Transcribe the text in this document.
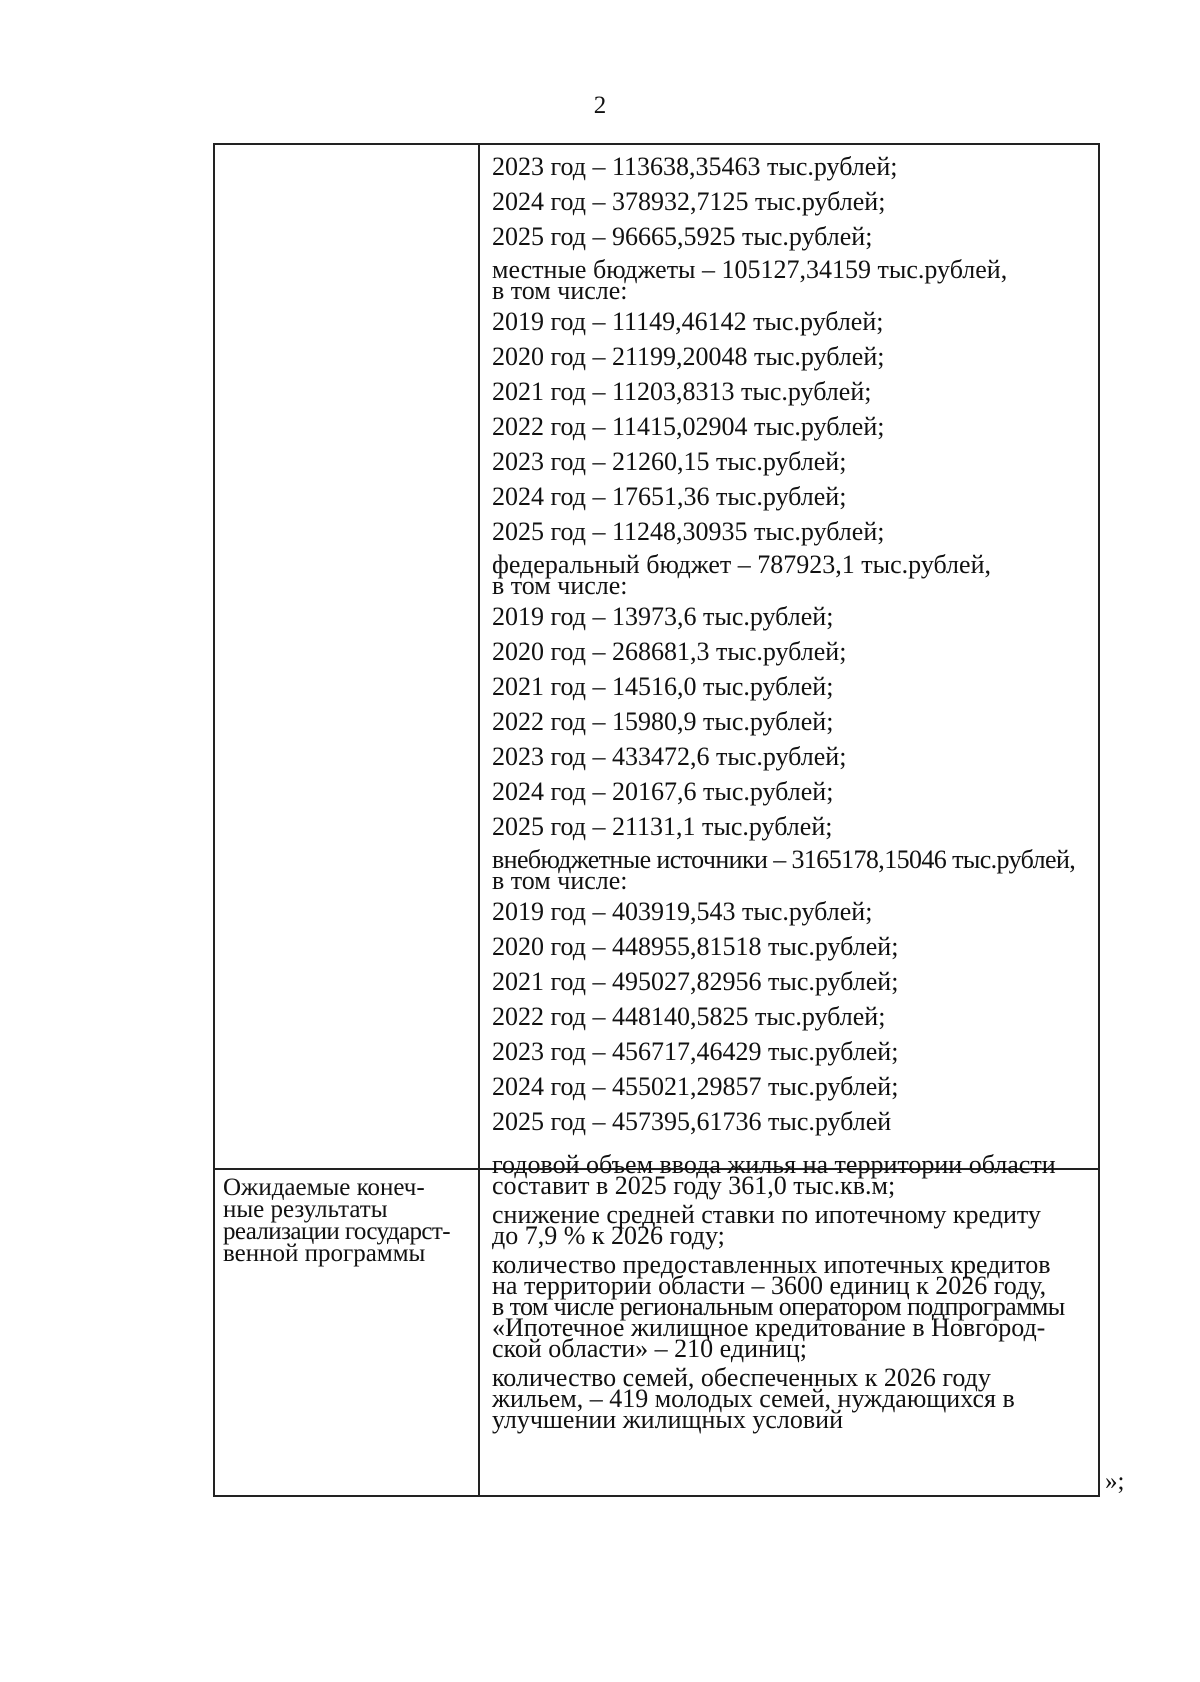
2
Ожидаемые конеч-
ные результаты
реализации государст-
венной программы
2023 год – 113638,35463 тыс.рублей;
2024 год – 378932,7125 тыс.рублей;
2025 год – 96665,5925 тыс.рублей;
местные бюджеты – 105127,34159 тыс.рублей,
в том числе:
2019 год – 11149,46142 тыс.рублей;
2020 год – 21199,20048 тыс.рублей;
2021 год – 11203,8313 тыс.рублей;
2022 год – 11415,02904 тыс.рублей;
2023 год – 21260,15 тыс.рублей;
2024 год – 17651,36 тыс.рублей;
2025 год – 11248,30935 тыс.рублей;
федеральный бюджет – 787923,1 тыс.рублей,
в том числе:
2019 год – 13973,6 тыс.рублей;
2020 год – 268681,3 тыс.рублей;
2021 год – 14516,0 тыс.рублей;
2022 год – 15980,9 тыс.рублей;
2023 год – 433472,6 тыс.рублей;
2024 год – 20167,6 тыс.рублей;
2025 год – 21131,1 тыс.рублей;
внебюджетные источники – 3165178,15046 тыс.рублей,
в том числе:
2019 год – 403919,543 тыс.рублей;
2020 год – 448955,81518 тыс.рублей;
2021 год – 495027,82956 тыс.рублей;
2022 год – 448140,5825 тыс.рублей;
2023 год – 456717,46429 тыс.рублей;
2024 год – 455021,29857 тыс.рублей;
2025 год – 457395,61736 тыс.рублей
годовой объем ввода жилья на территории области
составит в 2025 году 361,0 тыс.кв.м;
снижение средней ставки по ипотечному кредиту
до 7,9 % к 2026 году;
количество предоставленных ипотечных кредитов
на территории области – 3600 единиц к 2026 году,
в том числе региональным оператором подпрограммы
«Ипотечное жилищное кредитование в Новгород-
ской области» – 210 единиц;
количество семей, обеспеченных к 2026 году
жильем, – 419 молодых семей, нуждающихся в
улучшении жилищных условий
»;
